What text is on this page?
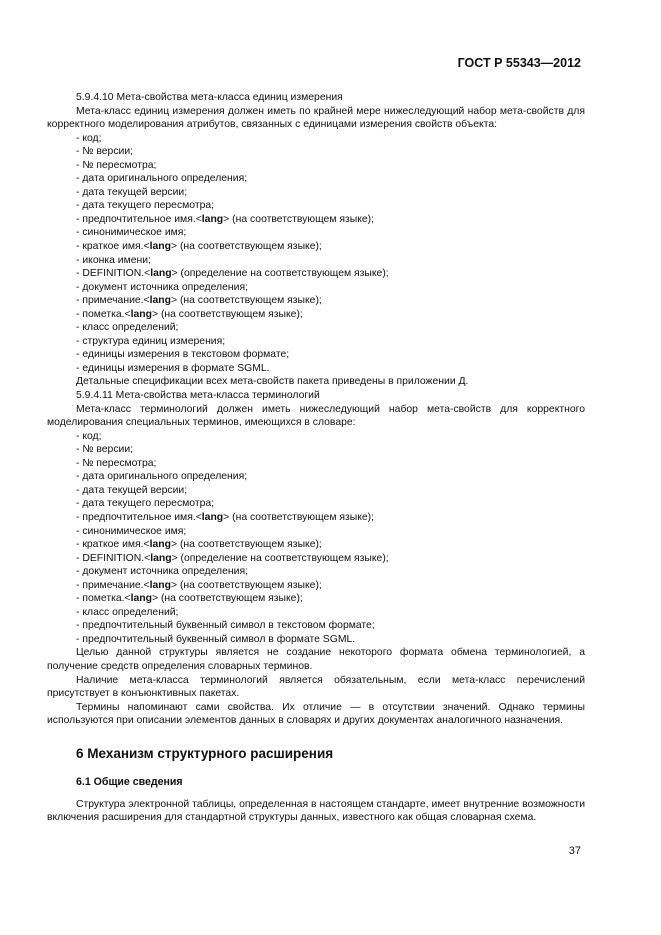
ГОСТ Р 55343—2012
5.9.4.10 Мета-свойства мета-класса единиц измерения
Мета-класс единиц измерения должен иметь по крайней мере нижеследующий набор мета-свойств для корректного моделирования атрибутов, связанных с единицами измерения свойств объекта:
- код;
- № версии;
- № пересмотра;
- дата оригинального определения;
- дата текущей версии;
- дата текущего пересмотра;
- предпочтительное имя.<lang> (на соответствующем языке);
- синонимическое имя;
- краткое имя.<lang> (на соответствующем языке);
- иконка имени;
- DEFINITION.<lang> (определение на соответствующем языке);
- документ источника определения;
- примечание.<lang> (на соответствующем языке);
- пометка.<lang> (на соответствующем языке);
- класс определений;
- структура единиц измерения;
- единицы измерения в текстовом формате;
- единицы измерения в формате SGML.
Детальные спецификации всех мета-свойств пакета приведены в приложении Д.
5.9.4.11 Мета-свойства мета-класса терминологий
Мета-класс терминологий должен иметь нижеследующий набор мета-свойств для корректного моделирования специальных терминов, имеющихся в словаре:
- код;
- № версии;
- № пересмотра;
- дата оригинального определения;
- дата текущей версии;
- дата текущего пересмотра;
- предпочтительное имя.<lang> (на соответствующем языке);
- синонимическое имя;
- краткое имя.<lang> (на соответствующем языке);
- DEFINITION.<lang> (определение на соответствующем языке);
- документ источника определения;
- примечание.<lang> (на соответствующем языке);
- пометка.<lang> (на соответствующем языке);
- класс определений;
- предпочтительный буквенный символ в текстовом формате;
- предпочтительный буквенный символ в формате SGML.
Целью данной структуры является не создание некоторого формата обмена терминологией, а получение средств определения словарных терминов.
Наличие мета-класса терминологий является обязательным, если мета-класс перечислений присутствует в конъюнктивных пакетах.
Термины напоминают сами свойства. Их отличие — в отсутствии значений. Однако термины используются при описании элементов данных в словарях и других документах аналогичного назначения.
6 Механизм структурного расширения
6.1 Общие сведения
Структура электронной таблицы, определенная в настоящем стандарте, имеет внутренние возможности включения расширения для стандартной структуры данных, известного как общая словарная схема.
37
